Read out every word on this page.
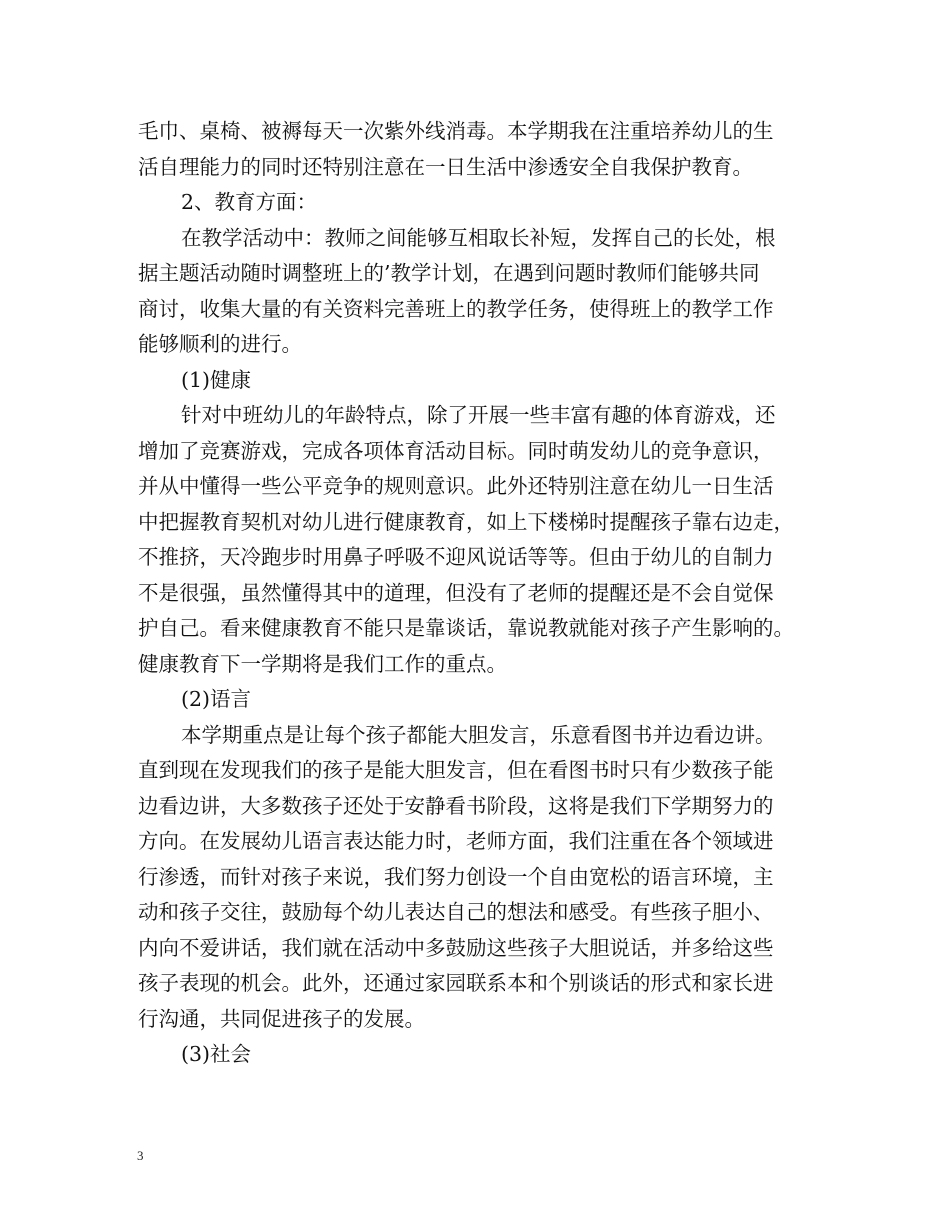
毛巾、桌椅、被褥每天一次紫外线消毒。本学期我在注重培养幼儿的生
活自理能力的同时还特别注意在一日生活中渗透安全自我保护教育。
2、教育方面：
在教学活动中：教师之间能够互相取长补短，发挥自己的长处，根
据主题活动随时调整班上的’教学计划，在遇到问题时教师们能够共同
商讨，收集大量的有关资料完善班上的教学任务，使得班上的教学工作
能够顺利的进行。
(1)健康
针对中班幼儿的年龄特点，除了开展一些丰富有趣的体育游戏，还
增加了竞赛游戏，完成各项体育活动目标。同时萌发幼儿的竞争意识，
并从中懂得一些公平竞争的规则意识。此外还特别注意在幼儿一日生活
中把握教育契机对幼儿进行健康教育，如上下楼梯时提醒孩子靠右边走，
不推挤，天冷跑步时用鼻子呼吸不迎风说话等等。但由于幼儿的自制力
不是很强，虽然懂得其中的道理，但没有了老师的提醒还是不会自觉保
护自己。看来健康教育不能只是靠谈话，靠说教就能对孩子产生影响的。
健康教育下一学期将是我们工作的重点。
(2)语言
本学期重点是让每个孩子都能大胆发言，乐意看图书并边看边讲。
直到现在发现我们的孩子是能大胆发言，但在看图书时只有少数孩子能
边看边讲，大多数孩子还处于安静看书阶段，这将是我们下学期努力的
方向。在发展幼儿语言表达能力时，老师方面，我们注重在各个领域进
行渗透，而针对孩子来说，我们努力创设一个自由宽松的语言环境，主
动和孩子交往，鼓励每个幼儿表达自己的想法和感受。有些孩子胆小、
内向不爱讲话，我们就在活动中多鼓励这些孩子大胆说话，并多给这些
孩子表现的机会。此外，还通过家园联系本和个别谈话的形式和家长进
行沟通，共同促进孩子的发展。
(3)社会
3
